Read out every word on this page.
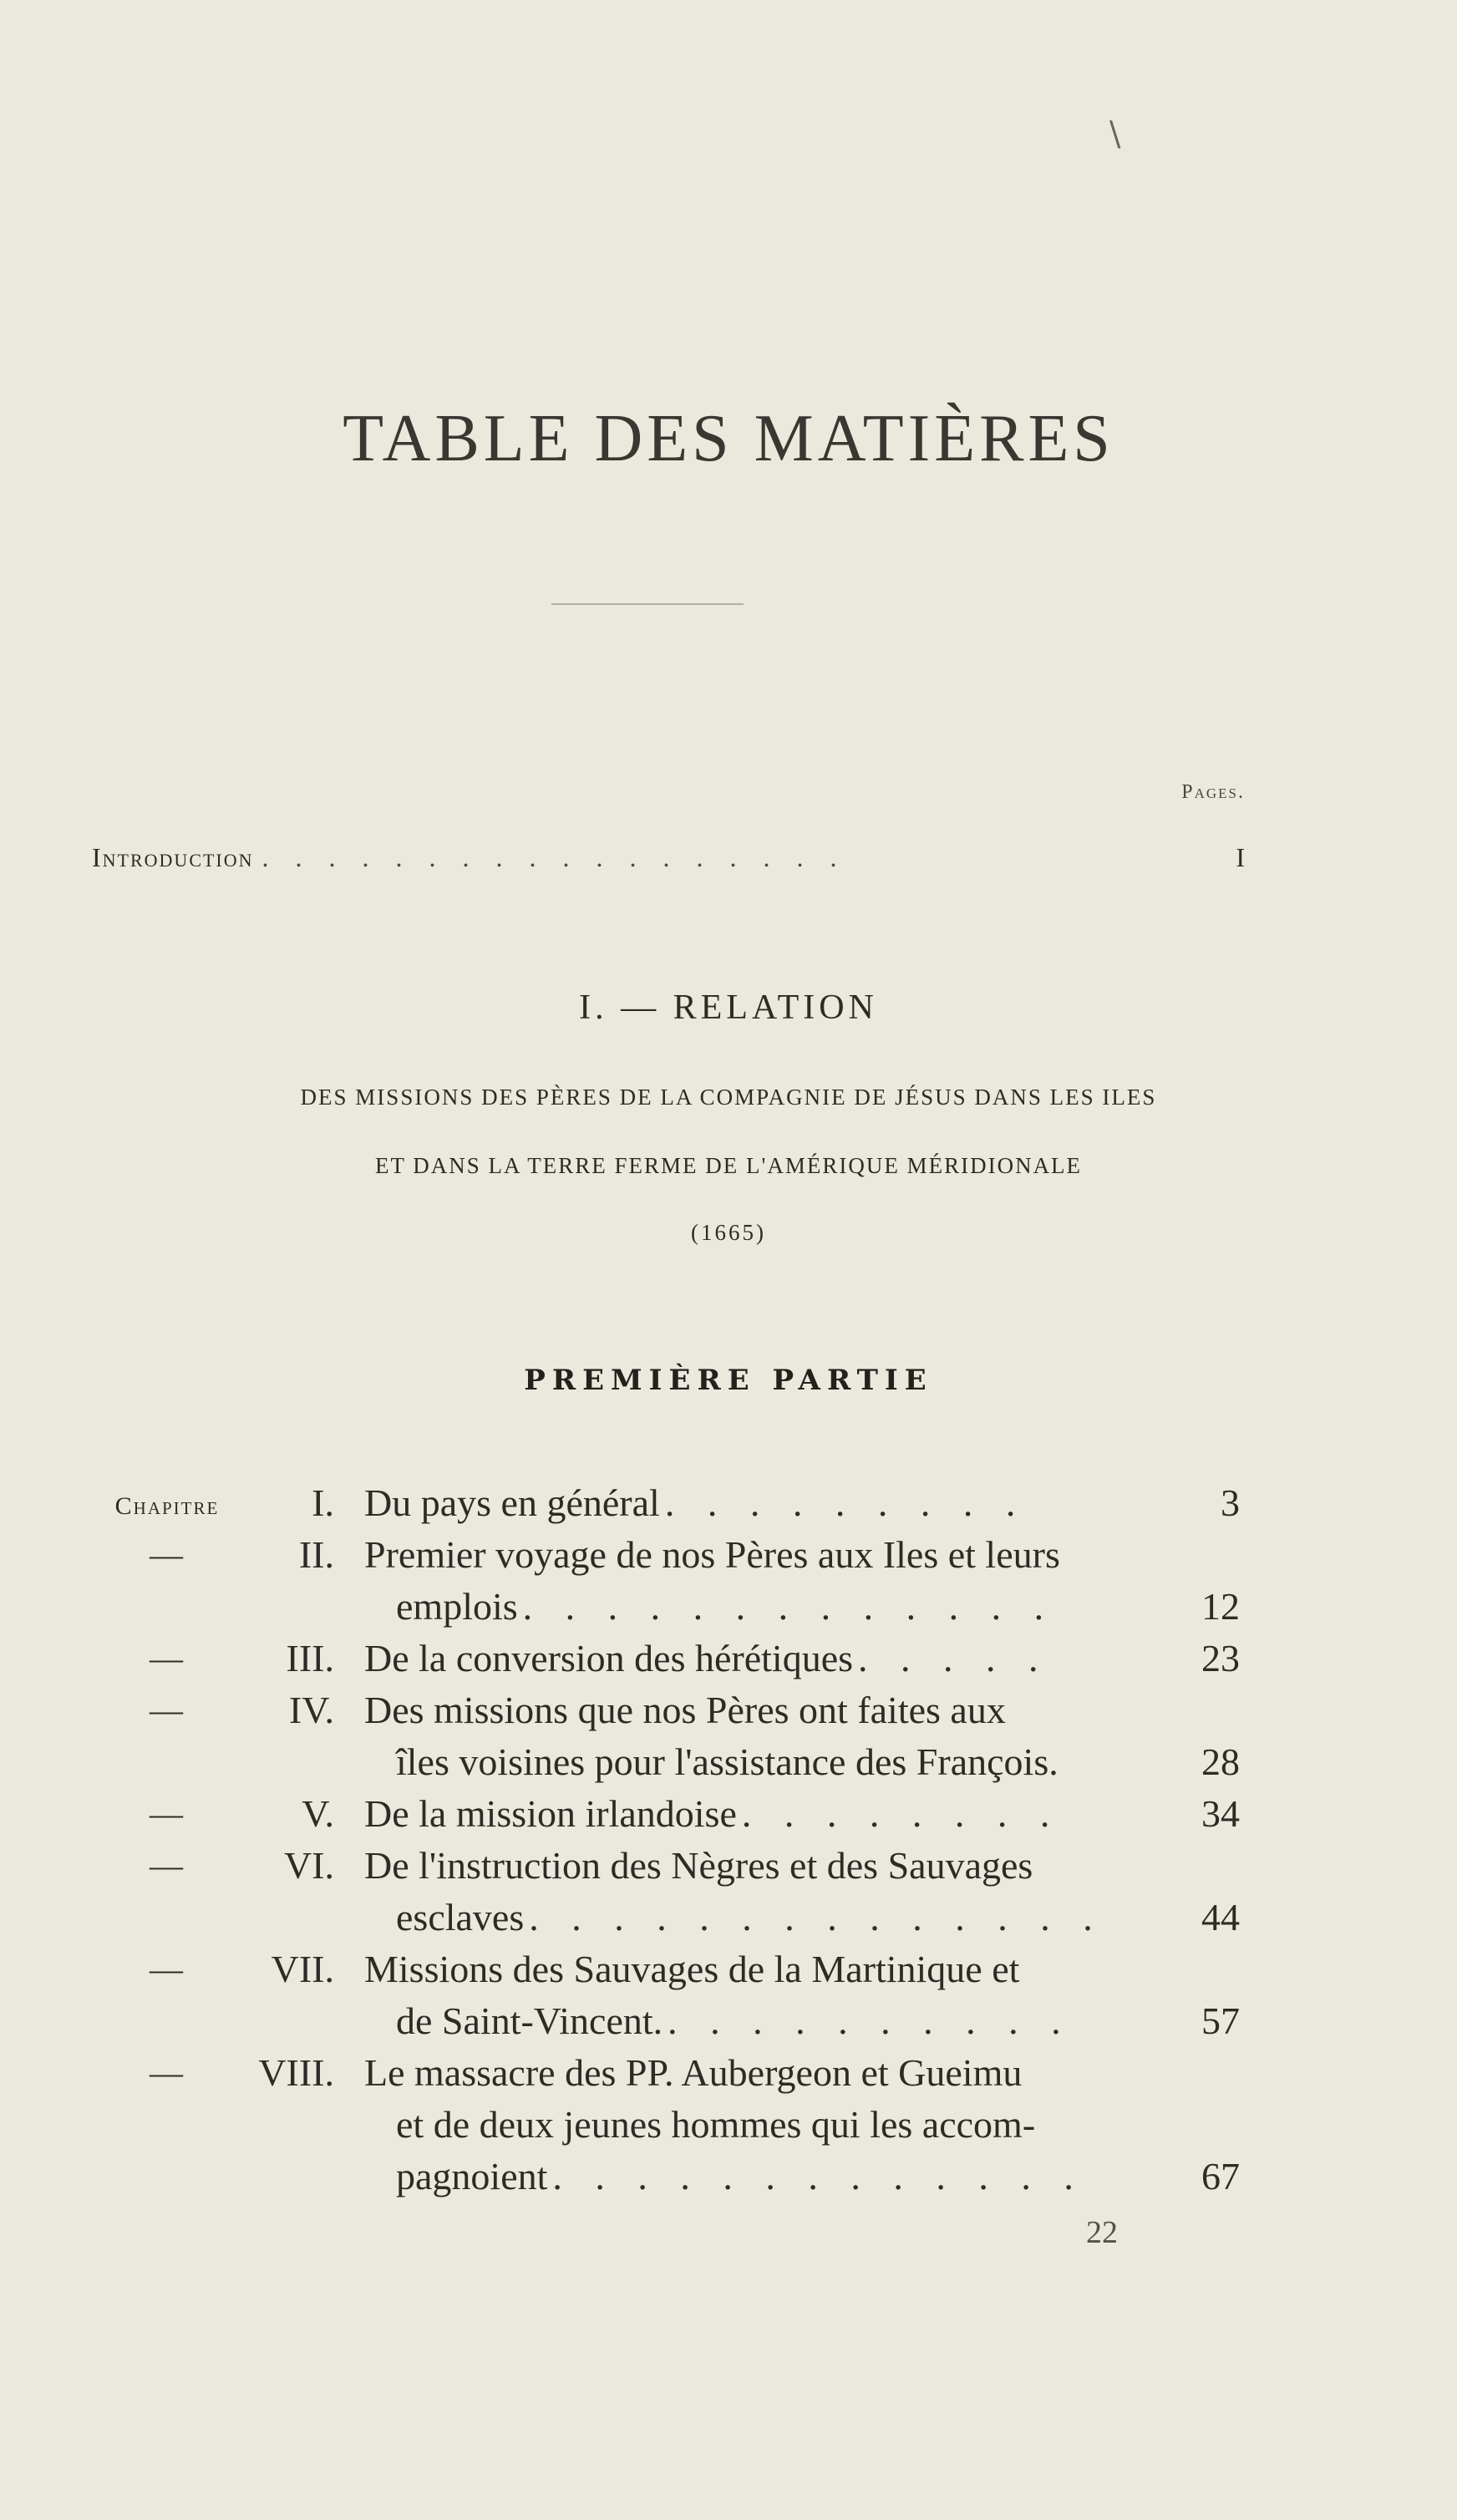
\
TABLE DES MATIÈRES
Pages.
Introduction . . . . . . . . . . . . . . . . . .	I
I. — RELATION
DES MISSIONS DES PÈRES DE LA COMPAGNIE DE JÉSUS DANS LES ILES
ET DANS LA TERRE FERME DE L'AMÉRIQUE MÉRIDIONALE
(1665)
PREMIÈRE PARTIE
Chapitre	I. Du pays en général . . . . . . . . .	3
—	II. Premier voyage de nos Pères aux Iles et leurs
emplois . . . . . . . . . . . . .	12
—	III. De la conversion des hérétiques . . . . .	23
—	IV. Des missions que nos Pères ont faites aux
îles voisines pour l'assistance des François.	28
—	V. De la mission irlandoise . . . . . . . .	34
—	VI. De l'instruction des Nègres et des Sauvages
esclaves . . . . . . . . . . . . . .	44
—	VII. Missions des Sauvages de la Martinique et
de Saint-Vincent. . . . . . . . . . .	57
—	VIII. Le massacre des PP. Aubergeon et Gueimu
et de deux jeunes hommes qui les accom-
pagnoient . . . . . . . . . . . . .	67
22
